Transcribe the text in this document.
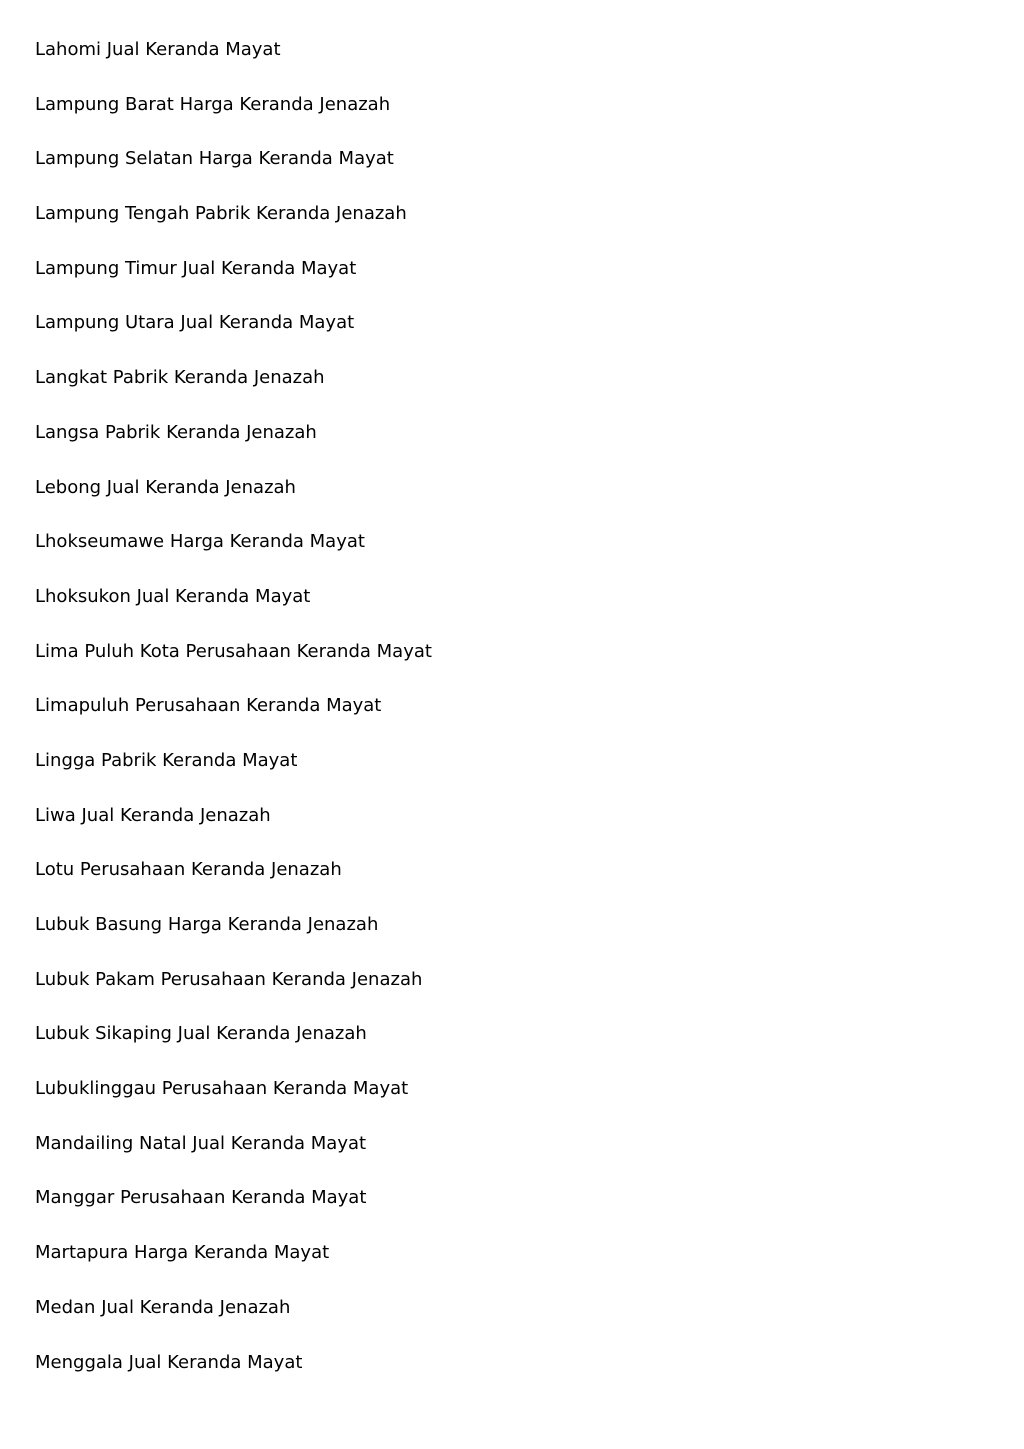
Lahomi Jual Keranda Mayat
Lampung Barat Harga Keranda Jenazah
Lampung Selatan Harga Keranda Mayat
Lampung Tengah Pabrik Keranda Jenazah
Lampung Timur Jual Keranda Mayat
Lampung Utara Jual Keranda Mayat
Langkat Pabrik Keranda Jenazah
Langsa Pabrik Keranda Jenazah
Lebong Jual Keranda Jenazah
Lhokseumawe Harga Keranda Mayat
Lhoksukon Jual Keranda Mayat
Lima Puluh Kota Perusahaan Keranda Mayat
Limapuluh Perusahaan Keranda Mayat
Lingga Pabrik Keranda Mayat
Liwa Jual Keranda Jenazah
Lotu Perusahaan Keranda Jenazah
Lubuk Basung Harga Keranda Jenazah
Lubuk Pakam Perusahaan Keranda Jenazah
Lubuk Sikaping Jual Keranda Jenazah
Lubuklinggau Perusahaan Keranda Mayat
Mandailing Natal Jual Keranda Mayat
Manggar Perusahaan Keranda Mayat
Martapura Harga Keranda Mayat
Medan Jual Keranda Jenazah
Menggala Jual Keranda Mayat
